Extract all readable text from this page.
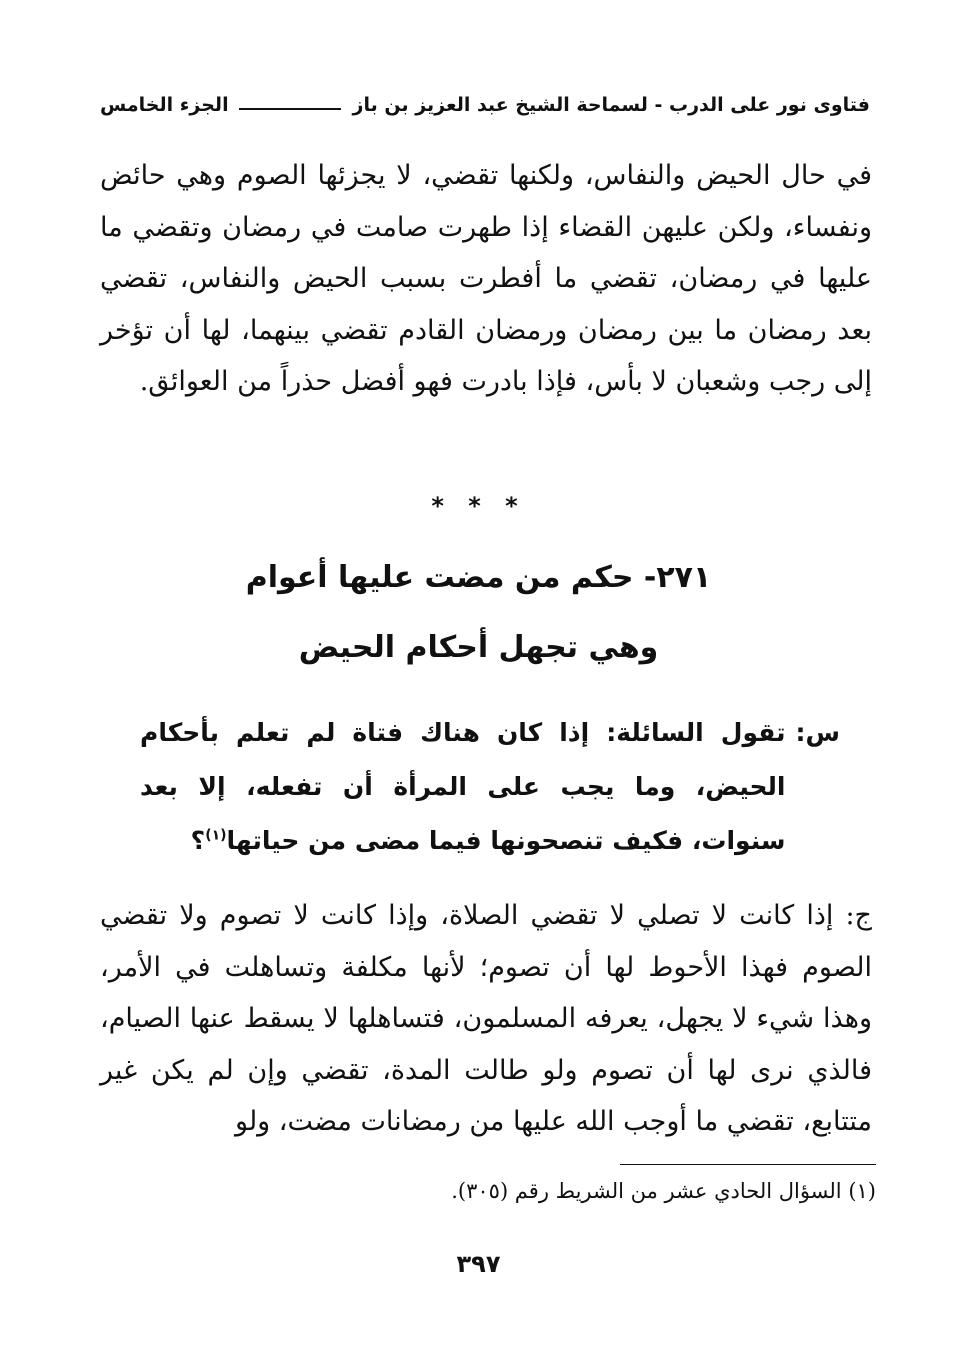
فتاوى نور على الدرب - لسماحة الشيخ عبد العزيز بن باز
الجزء الخامس
في حال الحيض والنفاس، ولكنها تقضي، لا يجزئها الصوم وهي حائض ونفساء، ولكن عليهن القضاء إذا طهرت صامت في رمضان وتقضي ما عليها في رمضان، تقضي ما أفطرت بسبب الحيض والنفاس، تقضي بعد رمضان ما بين رمضان ورمضان القادم تقضي بينهما، لها أن تؤخر إلى رجب وشعبان لا بأس، فإذا بادرت فهو أفضل حذراً من العوائق.
* * *
٢٧١- حكم من مضت عليها أعوام
وهي تجهل أحكام الحيض
س:
تقول السائلة: إذا كان هناك فتاة لم تعلم بأحكام الحيض، وما يجب على المرأة أن تفعله، إلا بعد سنوات، فكيف تنصحونها فيما مضى من حياتها$^{(١)}$؟
ج: إذا كانت لا تصلي لا تقضي الصلاة، وإذا كانت لا تصوم ولا تقضي الصوم فهذا الأحوط لها أن تصوم؛ لأنها مكلفة وتساهلت في الأمر، وهذا شيء لا يجهل، يعرفه المسلمون، فتساهلها لا يسقط عنها الصيام، فالذي نرى لها أن تصوم ولو طالت المدة، تقضي وإن لم يكن غير متتابع، تقضي ما أوجب الله عليها من رمضانات مضت، ولو
(١) السؤال الحادي عشر من الشريط رقم (٣٠٥).
٣٩٧
